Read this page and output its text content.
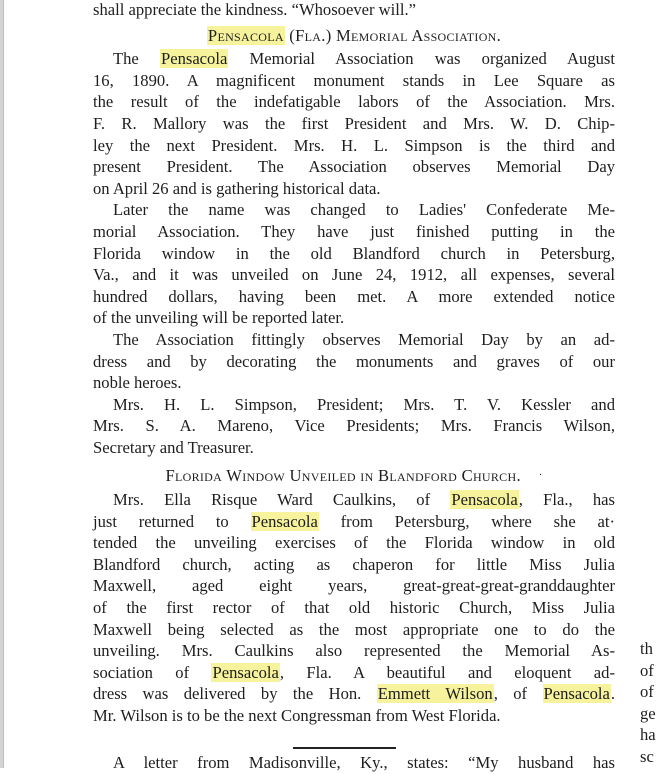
shall appreciate the kindness. “Whosoever will.”
Pensacola (Fla.) Memorial Association.
The Pensacola Memorial Association was organized August
16, 1890. A magnificent monument stands in Lee Square as
the result of the indefatigable labors of the Association. Mrs.
F. R. Mallory was the first President and Mrs. W. D. Chip-
ley the next President. Mrs. H. L. Simpson is the third and
present President. The Association observes Memorial Day
on April 26 and is gathering historical data.
Later the name was changed to Ladies' Confederate Me-
morial Association. They have just finished putting in the
Florida window in the old Blandford church in Petersburg,
Va., and it was unveiled on June 24, 1912, all expenses, several
hundred dollars, having been met. A more extended notice
of the unveiling will be reported later.
The Association fittingly observes Memorial Day by an ad-
dress and by decorating the monuments and graves of our
noble heroes.
Mrs. H. L. Simpson, President; Mrs. T. V. Kessler and
Mrs. S. A. Mareno, Vice Presidents; Mrs. Francis Wilson,
Secretary and Treasurer.
Florida Window Unveiled in Blandford Church. ·
Mrs. Ella Risque Ward Caulkins, of Pensacola, Fla., has
just returned to Pensacola from Petersburg, where she at·
tended the unveiling exercises of the Florida window in old
Blandford church, acting as chaperon for little Miss Julia
Maxwell, aged eight years, great-great-great-granddaughter
of the first rector of that old historic Church, Miss Julia
Maxwell being selected as the most appropriate one to do the
unveiling. Mrs. Caulkins also represented the Memorial As-
sociation of Pensacola, Fla. A beautiful and eloquent ad-
dress was delivered by the Hon. Emmett Wilson, of Pensacola.
Mr. Wilson is to be the next Congressman from West Florida.
A letter from Madisonville, Ky., states: “My husband has
th
of
of
ge
ha
sc
